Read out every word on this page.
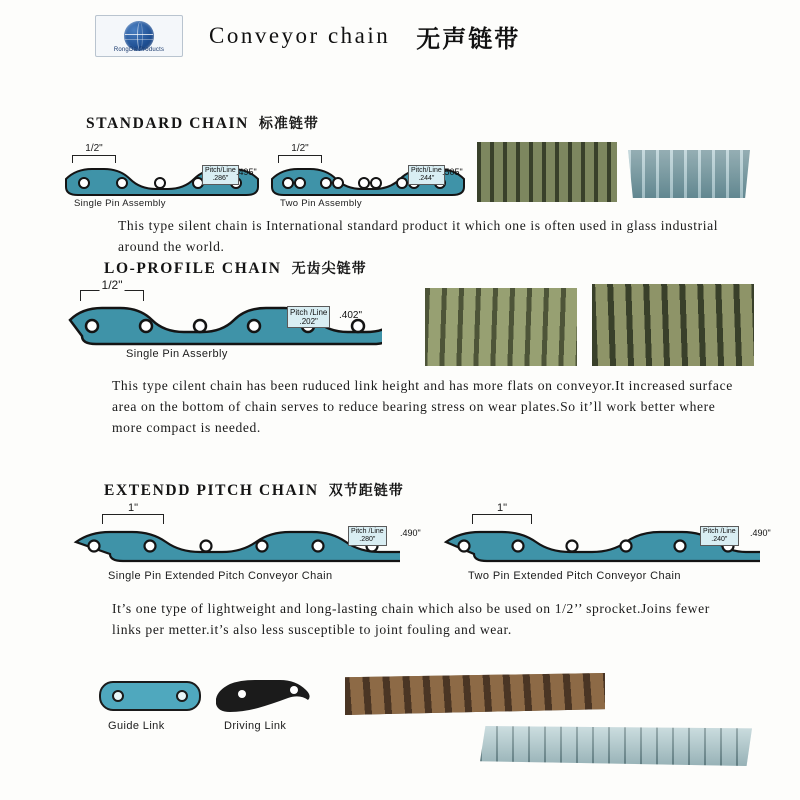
RongDa Products
Conveyor chain 无声链带
STANDARD CHAIN 标准链带
1/2"
Pitch/Line
.286"
.495"
Single Pin Assembly
1/2"
Pitch/Line
.244"
.505"
Two Pin Assembly
This type silent chain is International standard product it which one is often used in glass industrial around the world.
LO-PROFILE CHAIN 无齿尖链带
1/2"
Pitch /Line
.202"
.402"
Single Pin Asserbly
This type cilent chain has been ruduced link height and has more flats on conveyor.It increased surface area on the bottom of chain serves to reduce bearing stress on wear plates.So it’ll work better where more compact is needed.
EXTENDD PITCH CHAIN 双节距链带
1"
Pitch /Line
.280"
.490"
Single Pin Extended Pitch Conveyor Chain
1"
Pitch /Line
.240"
.490"
Two Pin Extended Pitch Conveyor Chain
It’s one type of lightweight and long-lasting chain which also be used on 1/2’’ sprocket.Joins fewer links per metter.it’s also less susceptible to joint fouling and wear.
Guide Link	Driving Link
